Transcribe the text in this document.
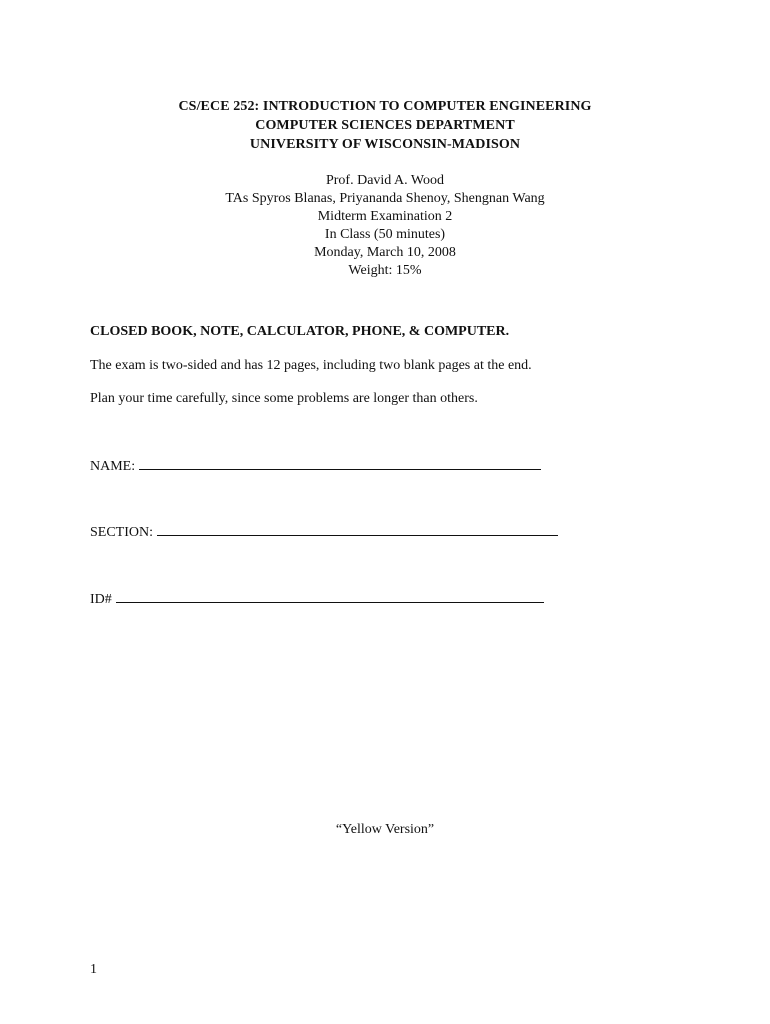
CS/ECE 252: INTRODUCTION TO COMPUTER ENGINEERING
COMPUTER SCIENCES DEPARTMENT
UNIVERSITY OF WISCONSIN-MADISON
Prof. David A. Wood
TAs Spyros Blanas, Priyananda Shenoy, Shengnan Wang
Midterm Examination 2
In Class (50 minutes)
Monday, March 10, 2008
Weight: 15%
CLOSED BOOK, NOTE, CALCULATOR, PHONE, & COMPUTER.
The exam is two-sided and has 12 pages, including two blank pages at the end.
Plan your time carefully, since some problems are longer than others.
NAME:
SECTION:
ID#
“Yellow Version”
1
